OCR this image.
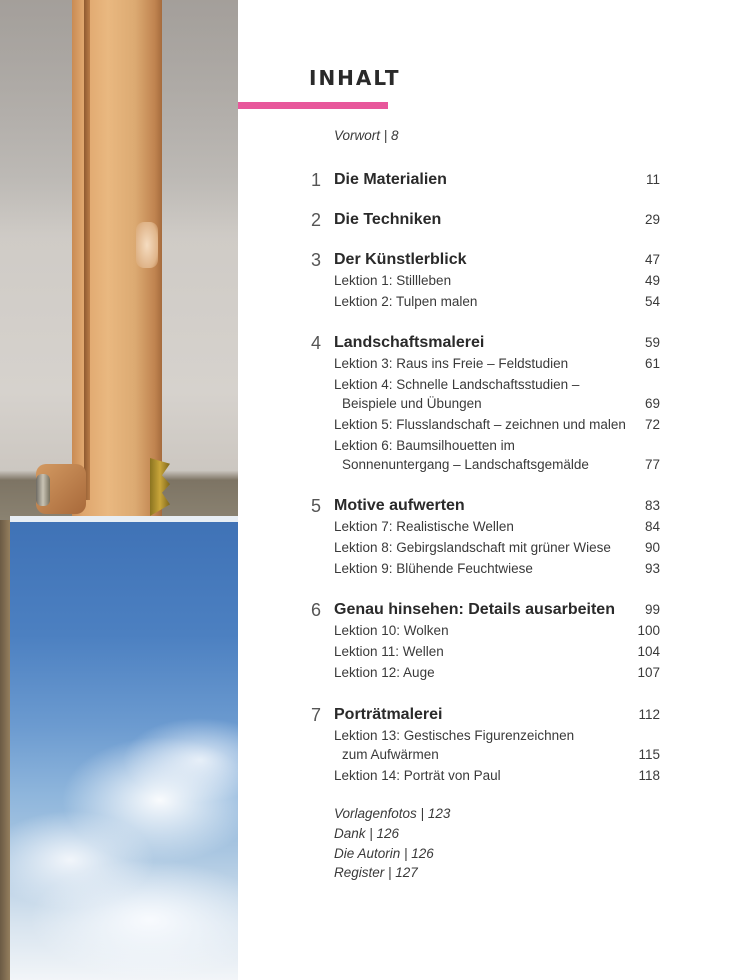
INHALT

Vorwort | 8

1 Die Materialien	11
2 Die Techniken	29
3 Der Künstlerblick	47

Lektion 1: Stillleben	49

Lektion 2: Tulpen malen	54
4 Landschaftsmalerei	59

Lektion 3: Raus ins Freie – Feldstudien	61

Lektion 4: Schnelle Landschaftsstudien –

Beispiele und Übungen	69

Lektion 5: Flusslandschaft – zeichnen und malen 72

Lektion 6: Baumsilhouetten im

Sonnenuntergang – Landschaftsgemälde	77
5 Motive aufwerten	83

Lektion 7: Realistische Wellen	84

Lektion 8: Gebirgslandschaft mit grüner Wiese	90

Lektion 9: Blühende Feuchtwiese	93
6 Genau hinsehen: Details ausarbeiten 99

Lektion 10: Wolken	100

Lektion 11: Wellen	104

Lektion 12: Auge	107
7 Porträtmalerei	112

Lektion 13: Gestisches Figurenzeichnen

zum Aufwärmen	115

Lektion 14: Porträt von Paul	118

Vorlagenfotos | 123

Dank | 126

Die Autorin | 126

Register | 127
